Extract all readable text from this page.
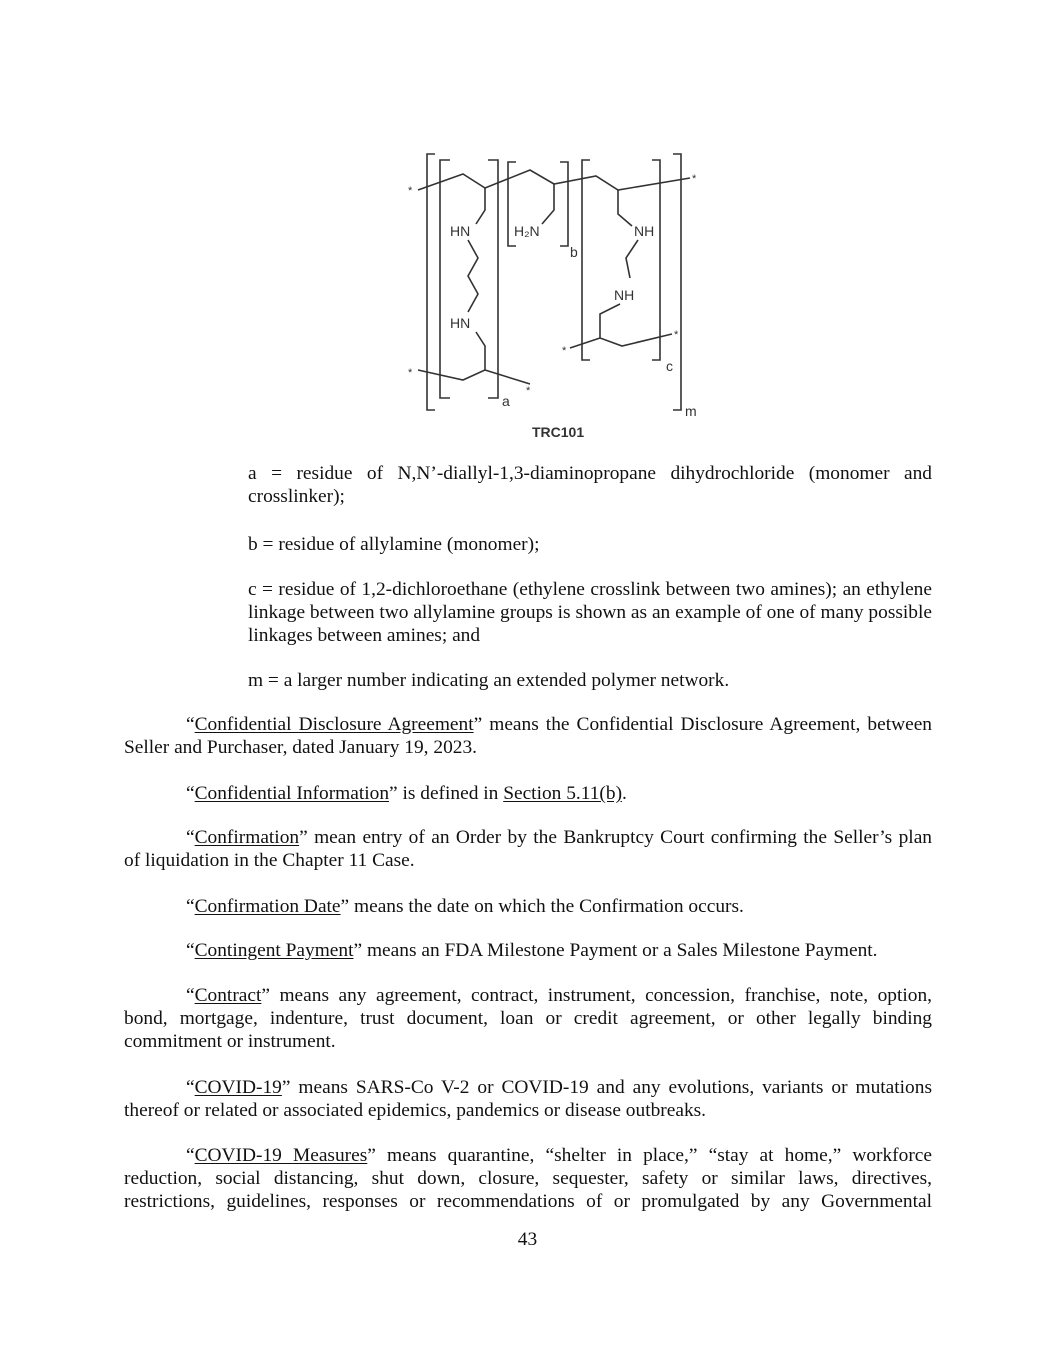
HN
HN
H₂N	NH
NH
b
c
a
m
*
*
*
*
*
*
TRC101

a = residue of N,N’-diallyl-1,3-diaminopropane dihydrochloride (monomer and crosslinker);

b = residue of allylamine (monomer);

c = residue of 1,2-dichloroethane (ethylene crosslink between two amines); an ethylene linkage between two allylamine groups is shown as an example of one of many possible linkages between amines; and

m = a larger number indicating an extended polymer network.

“Confidential Disclosure Agreement” means the Confidential Disclosure Agreement, between Seller and Purchaser, dated January 19, 2023.

“Confidential Information” is defined in Section 5.11(b).

“Confirmation” mean entry of an Order by the Bankruptcy Court confirming the Seller’s plan of liquidation in the Chapter 11 Case.

“Confirmation Date” means the date on which the Confirmation occurs.

“Contingent Payment” means an FDA Milestone Payment or a Sales Milestone Payment.

“Contract” means any agreement, contract, instrument, concession, franchise, note, option, bond, mortgage, indenture, trust document, loan or credit agreement, or other legally binding commitment or instrument.

“COVID-19” means SARS-Co V-2 or COVID-19 and any evolutions, variants or mutations thereof or related or associated epidemics, pandemics or disease outbreaks.

“COVID-19 Measures” means quarantine, “shelter in place,” “stay at home,” workforce reduction, social distancing, shut down, closure, sequester, safety or similar laws, directives, restrictions, guidelines, responses or recommendations of or promulgated by any Governmental

43
